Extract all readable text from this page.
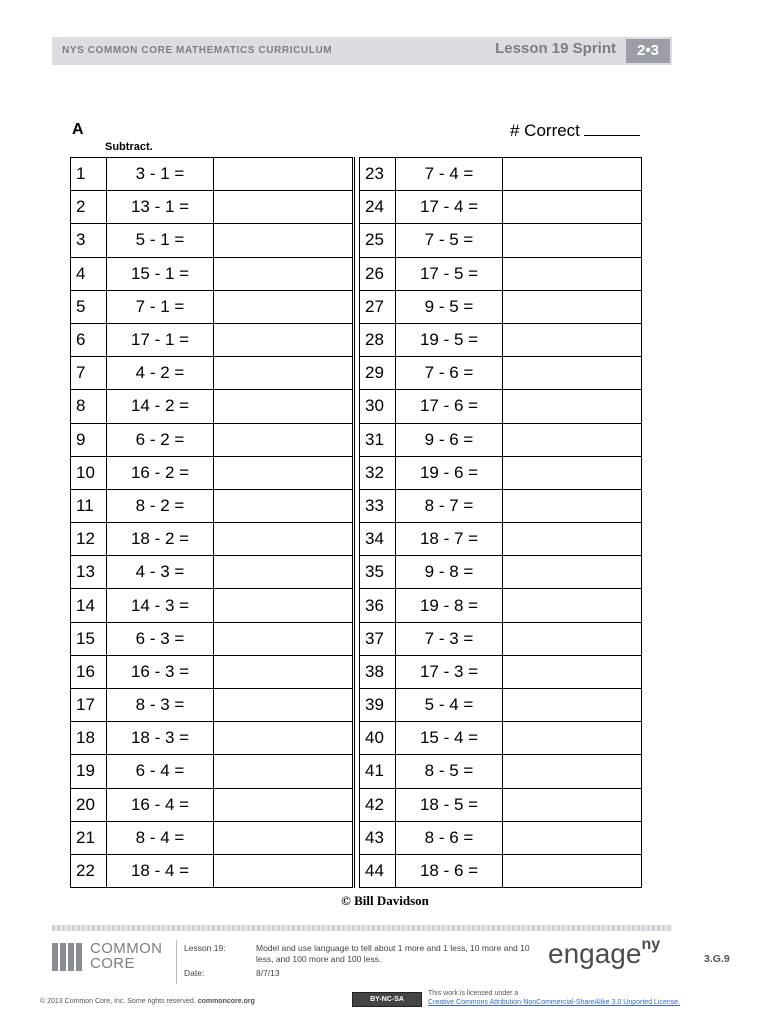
NYS COMMON CORE MATHEMATICS CURRICULUM	Lesson 19 Sprint	2•3
A	# Correct
Subtract.
1	3 - 1 =	
2	13 - 1 =	
3	5 - 1 =	
4	15 - 1 =	
5	7 - 1 =	
6	17 - 1 =	
7	4 - 2 =	
8	14 - 2 =	
9	6 - 2 =	
10	16 - 2 =	
11	8 - 2 =	
12	18 - 2 =	
13	4 - 3 =	
14	14 - 3 =	
15	6 - 3 =	
16	16 - 3 =	
17	8 - 3 =	
18	18 - 3 =	
19	6 - 4 =	
20	16 - 4 =	
21	8 - 4 =	
22	18 - 4 =	
23	7 - 4 =	
24	17 - 4 =	
25	7 - 5 =	
26	17 - 5 =	
27	9 - 5 =	
28	19 - 5 =	
29	7 - 6 =	
30	17 - 6 =	
31	9 - 6 =	
32	19 - 6 =	
33	8 - 7 =	
34	18 - 7 =	
35	9 - 8 =	
36	19 - 8 =	
37	7 - 3 =	
38	17 - 3 =	
39	5 - 4 =	
40	15 - 4 =	
41	8 - 5 =	
42	18 - 5 =	
43	8 - 6 =	
44	18 - 6 =	
© Bill Davidson
COMMON
CORE
Lesson 19:	Model and use language to tell about 1 more and 1 less, 10 more and 10 less, and 100 more and 100 less.
Date:	8/7/13
engage$^{ny}$
3.G.9
© 2013 Common Core, Inc. Some rights reserved. commoncore.org	BY-NC-SA
This work is licensed under a
Creative Commons Attribution-NonCommercial-ShareAlike 3.0 Unported License.
